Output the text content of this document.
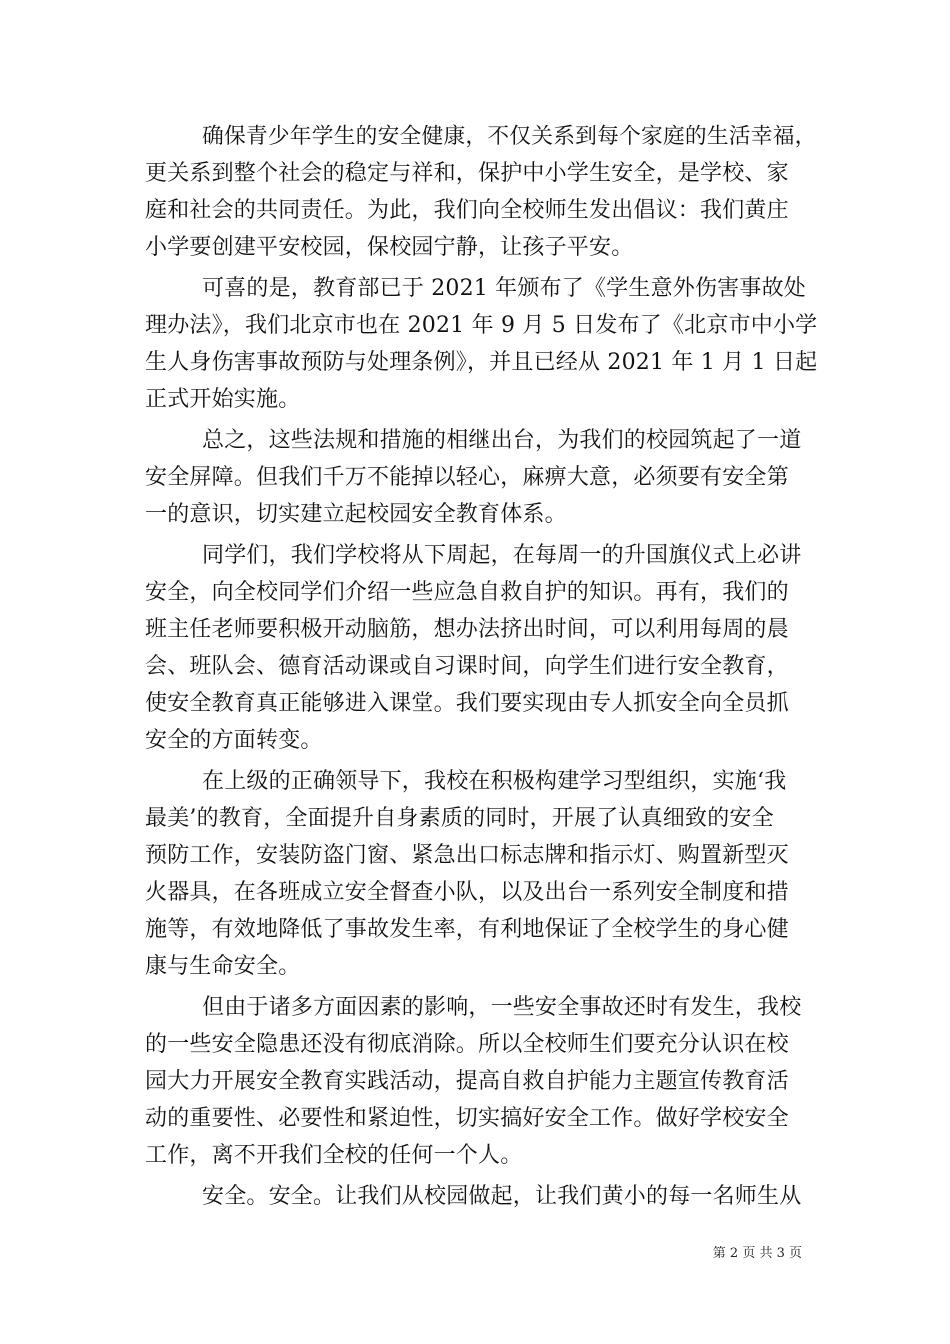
确保青少年学生的安全健康，不仅关系到每个家庭的生活幸福，
更关系到整个社会的稳定与祥和，保护中小学生安全，是学校、家
庭和社会的共同责任。为此，我们向全校师生发出倡议：我们黄庄
小学要创建平安校园，保校园宁静，让孩子平安。
可喜的是，教育部已于 2021 年颁布了《学生意外伤害事故处
理办法》，我们北京市也在 2021 年 9 月 5 日发布了《北京市中小学
生人身伤害事故预防与处理条例》，并且已经从 2021 年 1 月 1 日起
正式开始实施。
总之，这些法规和措施的相继出台，为我们的校园筑起了一道
安全屏障。但我们千万不能掉以轻心，麻痹大意，必须要有安全第
一的意识，切实建立起校园安全教育体系。
同学们，我们学校将从下周起，在每周一的升国旗仪式上必讲
安全，向全校同学们介绍一些应急自救自护的知识。再有，我们的
班主任老师要积极开动脑筋，想办法挤出时间，可以利用每周的晨
会、班队会、德育活动课或自习课时间，向学生们进行安全教育，
使安全教育真正能够进入课堂。我们要实现由专人抓安全向全员抓
安全的方面转变。
在上级的正确领导下，我校在积极构建学习型组织，实施‘我
最美’的教育，全面提升自身素质的同时，开展了认真细致的安全
预防工作，安装防盗门窗、紧急出口标志牌和指示灯、购置新型灭
火器具，在各班成立安全督查小队，以及出台一系列安全制度和措
施等，有效地降低了事故发生率，有利地保证了全校学生的身心健
康与生命安全。
但由于诸多方面因素的影响，一些安全事故还时有发生，我校
的一些安全隐患还没有彻底消除。所以全校师生们要充分认识在校
园大力开展安全教育实践活动，提高自救自护能力主题宣传教育活
动的重要性、必要性和紧迫性，切实搞好安全工作。做好学校安全
工作，离不开我们全校的任何一个人。
安全。安全。让我们从校园做起，让我们黄小的每一名师生从
第 2 页 共 3 页
